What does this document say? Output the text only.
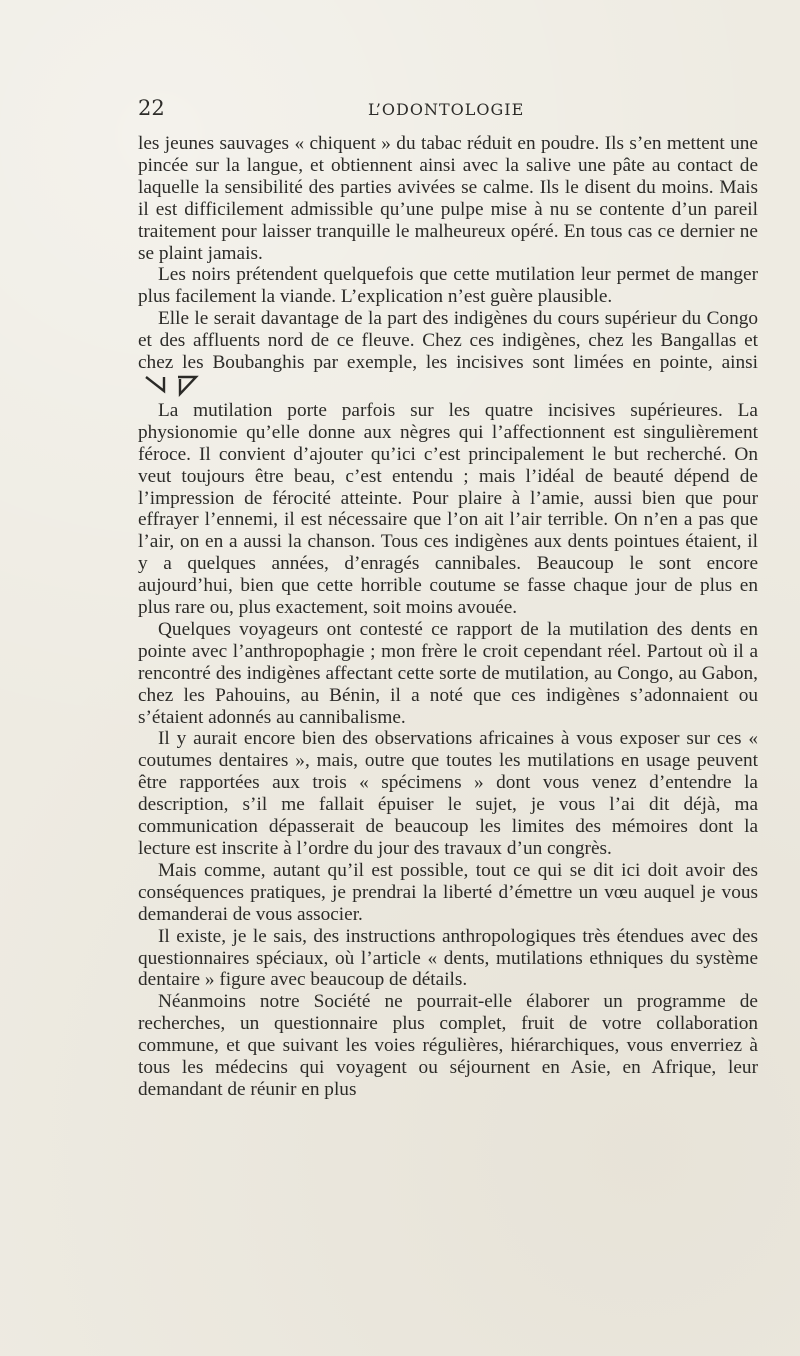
22	L’ODONTOLOGIE

les jeunes sauvages « chiquent » du tabac réduit en poudre. Ils s’en mettent une pincée sur la langue, et obtiennent ainsi avec la salive une pâte au contact de laquelle la sensibilité des parties avivées se calme. Ils le disent du moins. Mais il est difficilement admissible qu’une pulpe mise à nu se contente d’un pareil traitement pour laisser tranquille le malheureux opéré. En tous cas ce dernier ne se plaint jamais.

Les noirs prétendent quelquefois que cette mutilation leur permet de manger plus facilement la viande. L’explication n’est guère plausible.

Elle le serait davantage de la part des indigènes du cours supérieur du Congo et des affluents nord de ce fleuve. Chez ces indigènes, chez les Bangallas et chez les Boubanghis par exemple, les incisives sont limées en pointe, ainsi

La mutilation porte parfois sur les quatre incisives supérieures. La physionomie qu’elle donne aux nègres qui l’affectionnent est singulièrement féroce. Il convient d’ajouter qu’ici c’est principalement le but recherché. On veut toujours être beau, c’est entendu ; mais l’idéal de beauté dépend de l’impression de férocité atteinte. Pour plaire à l’amie, aussi bien que pour effrayer l’ennemi, il est nécessaire que l’on ait l’air terrible. On n’en a pas que l’air, on en a aussi la chanson. Tous ces indigènes aux dents pointues étaient, il y a quelques années, d’enragés cannibales. Beaucoup le sont encore aujourd’hui, bien que cette horrible coutume se fasse chaque jour de plus en plus rare ou, plus exactement, soit moins avouée.

Quelques voyageurs ont contesté ce rapport de la mutilation des dents en pointe avec l’anthropophagie ; mon frère le croit cependant réel. Partout où il a rencontré des indigènes affectant cette sorte de mutilation, au Congo, au Gabon, chez les Pahouins, au Bénin, il a noté que ces indigènes s’adonnaient ou s’étaient adonnés au cannibalisme.

Il y aurait encore bien des observations africaines à vous exposer sur ces « coutumes dentaires », mais, outre que toutes les mutilations en usage peuvent être rapportées aux trois « spécimens » dont vous venez d’entendre la description, s’il me fallait épuiser le sujet, je vous l’ai dit déjà, ma communication dépasserait de beaucoup les limites des mémoires dont la lecture est inscrite à l’ordre du jour des travaux d’un congrès.

Mais comme, autant qu’il est possible, tout ce qui se dit ici doit avoir des conséquences pratiques, je prendrai la liberté d’émettre un vœu auquel je vous demanderai de vous associer.

Il existe, je le sais, des instructions anthropologiques très étendues avec des questionnaires spéciaux, où l’article « dents, mutilations ethniques du système dentaire » figure avec beaucoup de détails.

Néanmoins notre Société ne pourrait-elle élaborer un programme de recherches, un questionnaire plus complet, fruit de votre collaboration commune, et que suivant les voies régulières, hiérarchiques, vous enverriez à tous les médecins qui voyagent ou séjournent en Asie, en Afrique, leur demandant de réunir en plus
